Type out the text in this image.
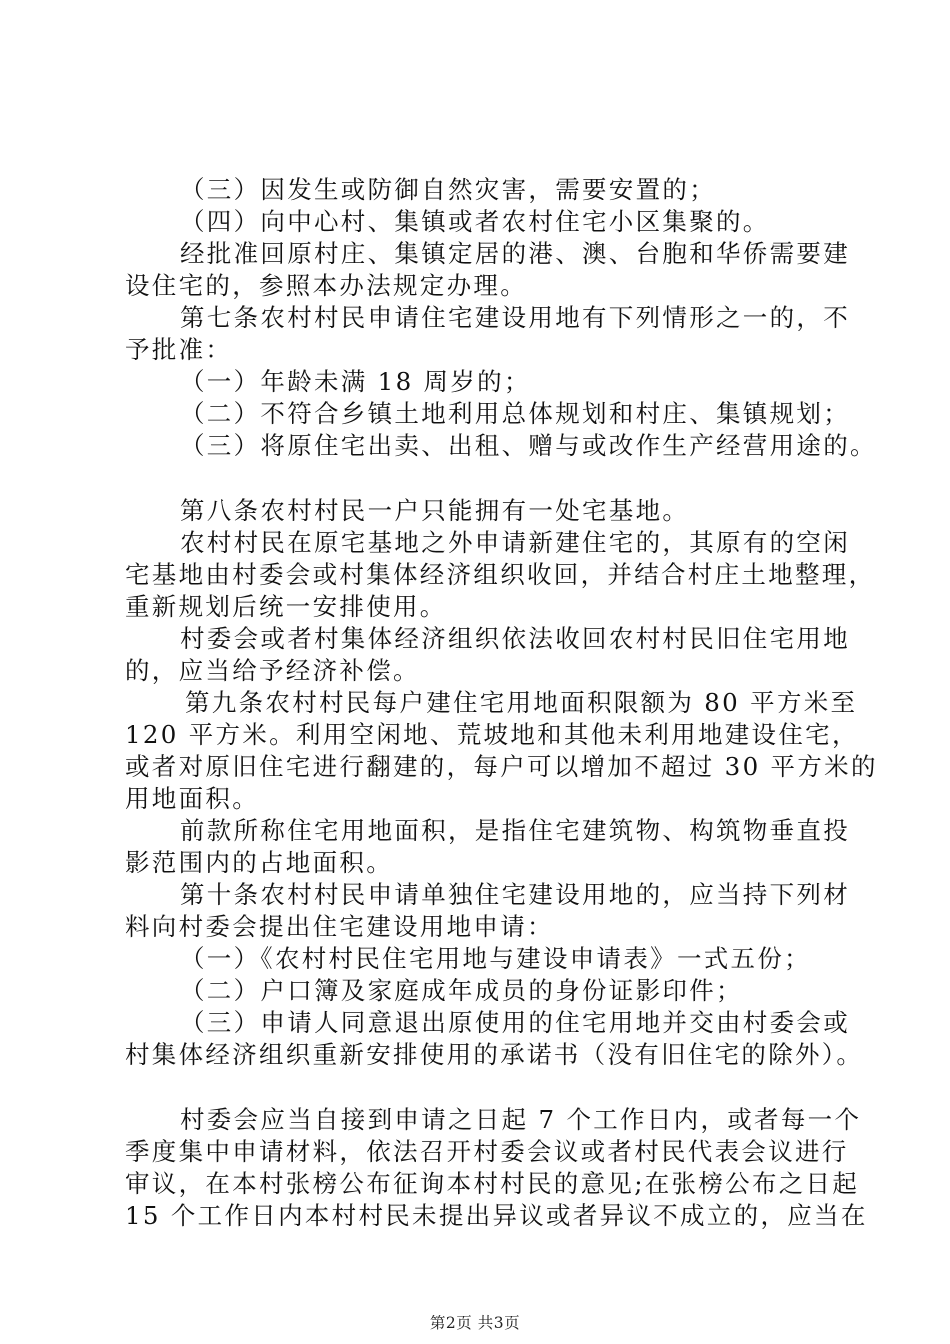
（三）因发生或防御自然灾害，需要安置的；
（四）向中心村、集镇或者农村住宅小区集聚的。
经批准回原村庄、集镇定居的港、澳、台胞和华侨需要建
设住宅的，参照本办法规定办理。
第七条农村村民申请住宅建设用地有下列情形之一的，不
予批准：
（一）年龄未满 18 周岁的；
（二）不符合乡镇土地利用总体规划和村庄、集镇规划；
（三）将原住宅出卖、出租、赠与或改作生产经营用途的。
第八条农村村民一户只能拥有一处宅基地。
农村村民在原宅基地之外申请新建住宅的，其原有的空闲
宅基地由村委会或村集体经济组织收回，并结合村庄土地整理，
重新规划后统一安排使用。
村委会或者村集体经济组织依法收回农村村民旧住宅用地
的，应当给予经济补偿。
第九条农村村民每户建住宅用地面积限额为 80 平方米至
120 平方米。利用空闲地、荒坡地和其他未利用地建设住宅，
或者对原旧住宅进行翻建的，每户可以增加不超过 30 平方米的
用地面积。
前款所称住宅用地面积，是指住宅建筑物、构筑物垂直投
影范围内的占地面积。
第十条农村村民申请单独住宅建设用地的，应当持下列材
料向村委会提出住宅建设用地申请：
（一）《农村村民住宅用地与建设申请表》一式五份；
（二）户口簿及家庭成年成员的身份证影印件；
（三）申请人同意退出原使用的住宅用地并交由村委会或
村集体经济组织重新安排使用的承诺书（没有旧住宅的除外）。
村委会应当自接到申请之日起 7 个工作日内，或者每一个
季度集中申请材料，依法召开村委会议或者村民代表会议进行
审议，在本村张榜公布征询本村村民的意见;在张榜公布之日起
15 个工作日内本村村民未提出异议或者异议不成立的，应当在
第2页 共3页
